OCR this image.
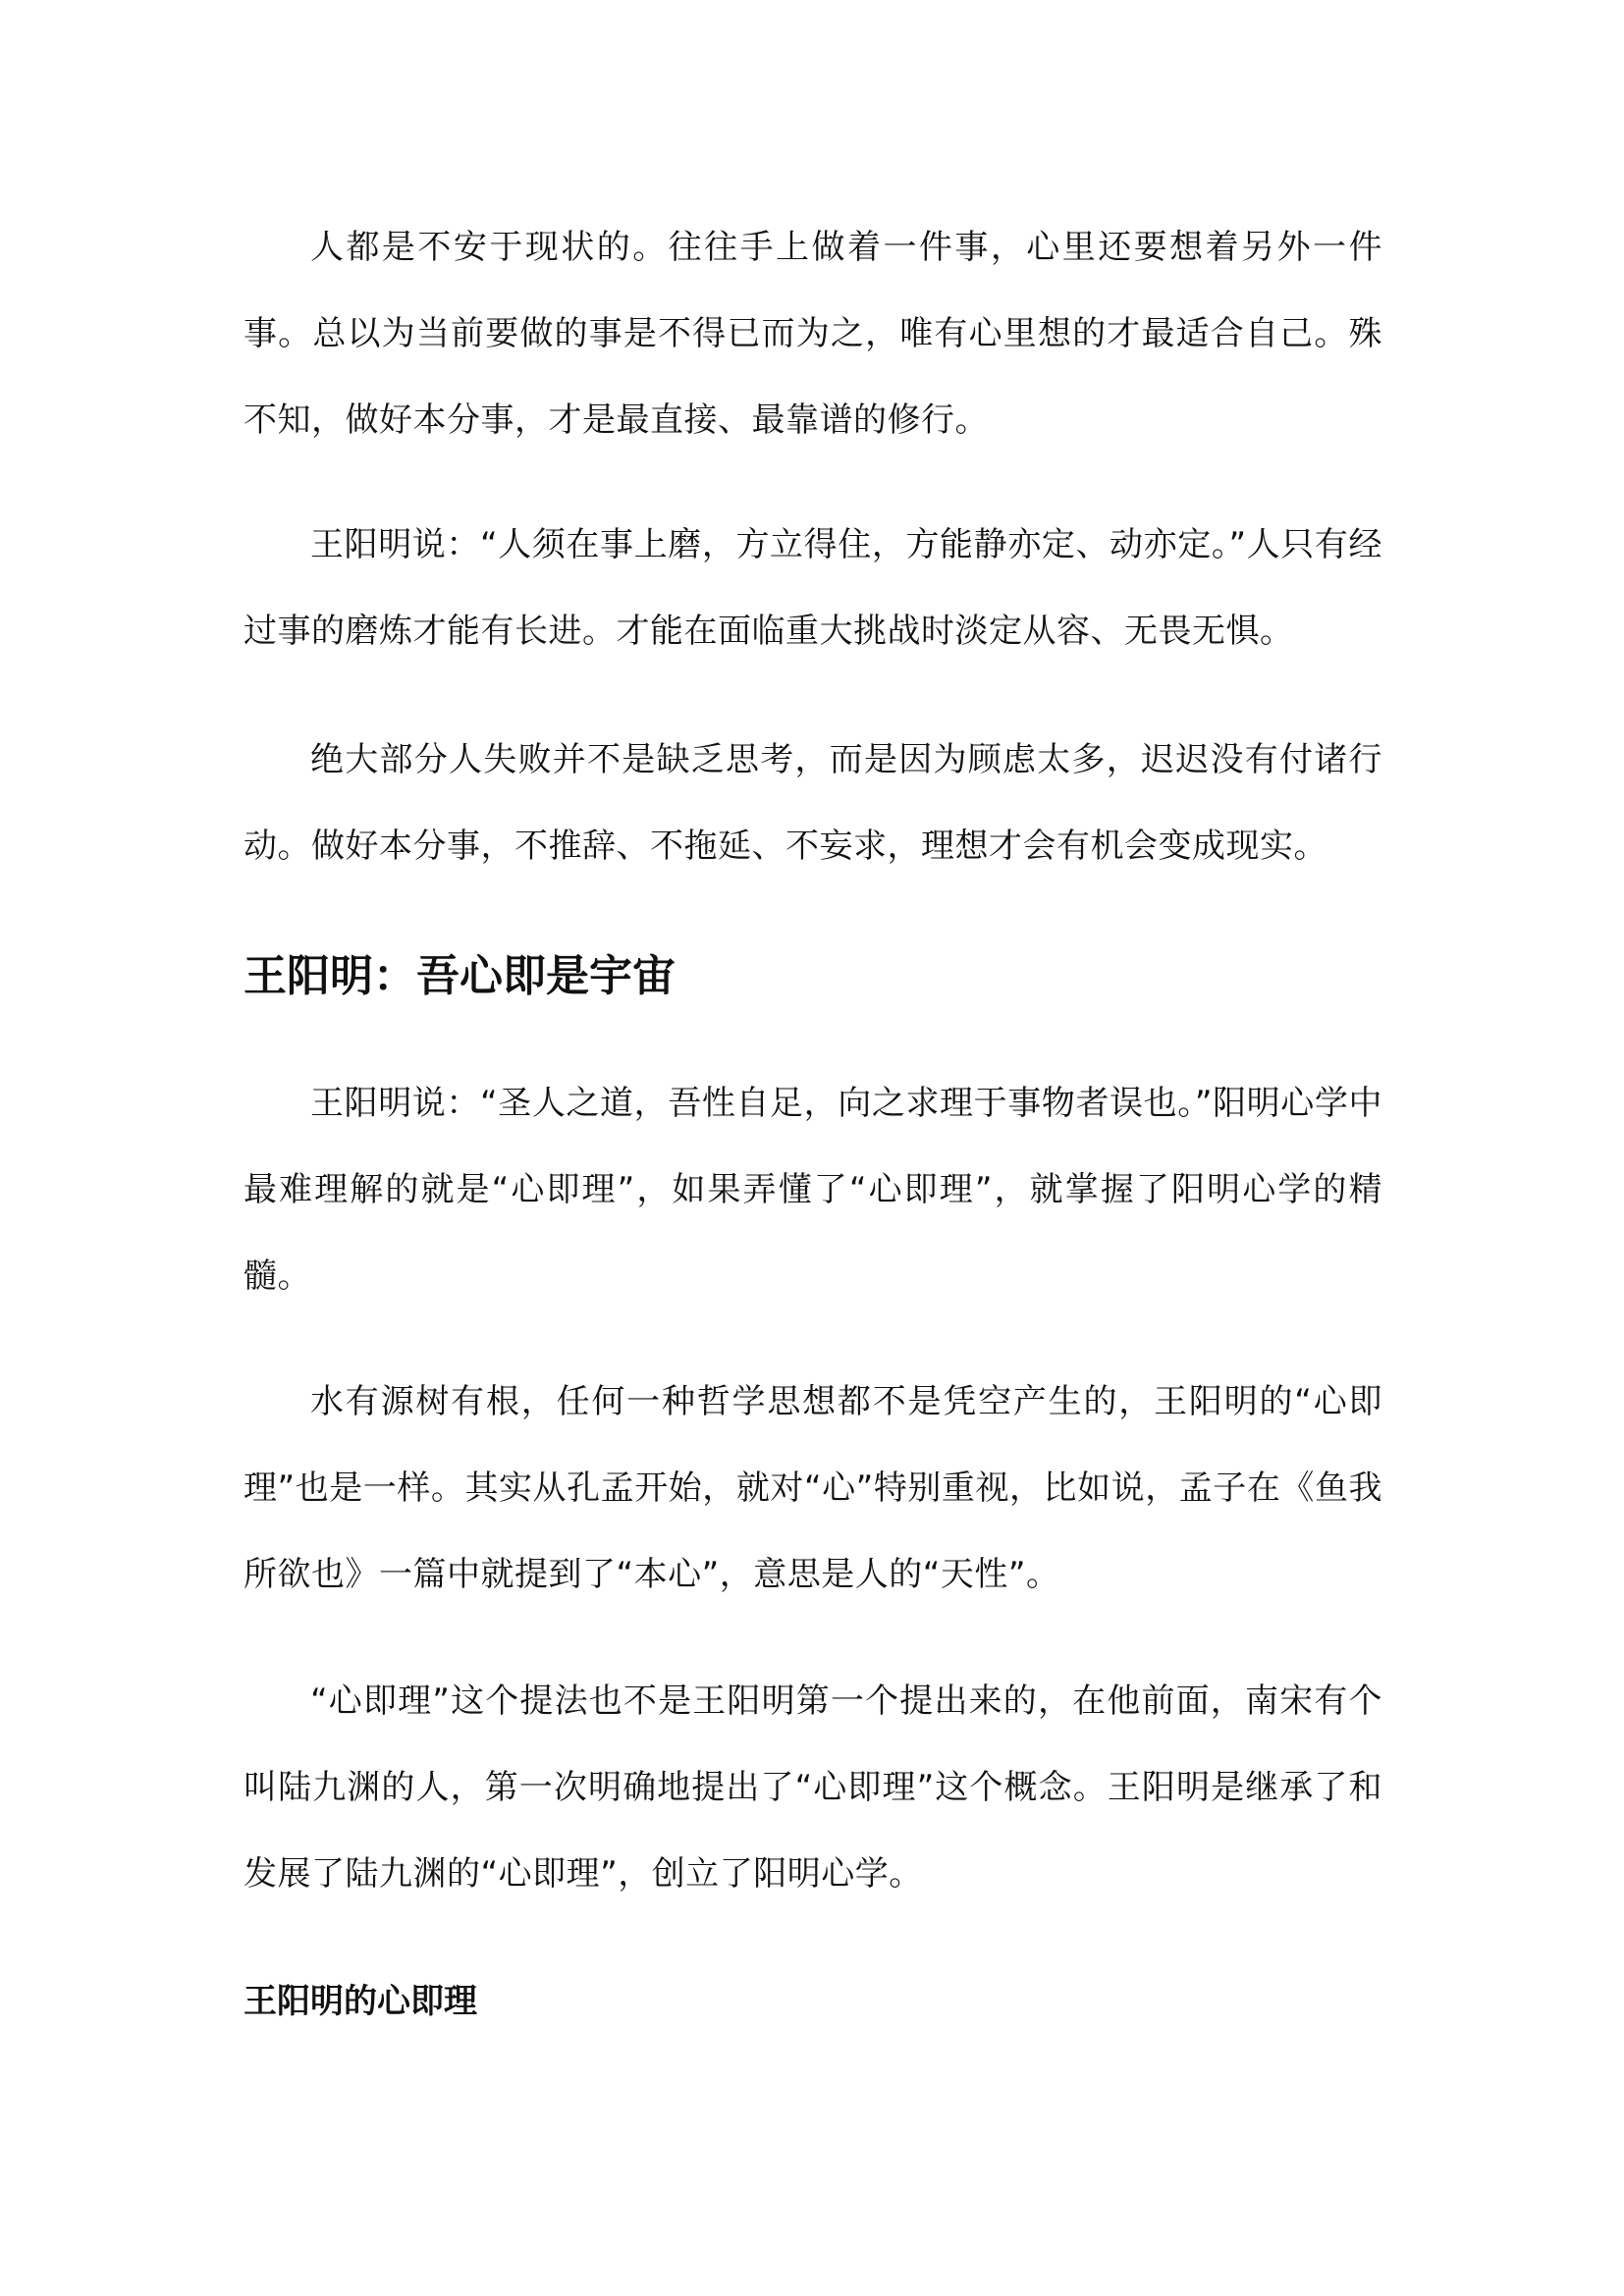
人都是不安于现状的。往往手上做着一件事，心里还要想着另外一件事。总以为当前要做的事是不得已而为之，唯有心里想的才最适合自己。殊不知，做好本分事，才是最直接、最靠谱的修行。

王阳明说：“人须在事上磨，方立得住，方能静亦定、动亦定。”人只有经过事的磨炼才能有长进。才能在面临重大挑战时淡定从容、无畏无惧。

绝大部分人失败并不是缺乏思考，而是因为顾虑太多，迟迟没有付诸行动。做好本分事，不推辞、不拖延、不妄求，理想才会有机会变成现实。

王阳明：吾心即是宇宙

王阳明说：“圣人之道，吾性自足，向之求理于事物者误也。”阳明心学中最难理解的就是“心即理”，如果弄懂了“心即理”，就掌握了阳明心学的精髓。

水有源树有根，任何一种哲学思想都不是凭空产生的，王阳明的“心即理”也是一样。其实从孔孟开始，就对“心”特别重视，比如说，孟子在《鱼我所欲也》一篇中就提到了“本心”，意思是人的“天性”。

“心即理”这个提法也不是王阳明第一个提出来的，在他前面，南宋有个叫陆九渊的人，第一次明确地提出了“心即理”这个概念。王阳明是继承了和发展了陆九渊的“心即理”，创立了阳明心学。

王阳明的心即理
